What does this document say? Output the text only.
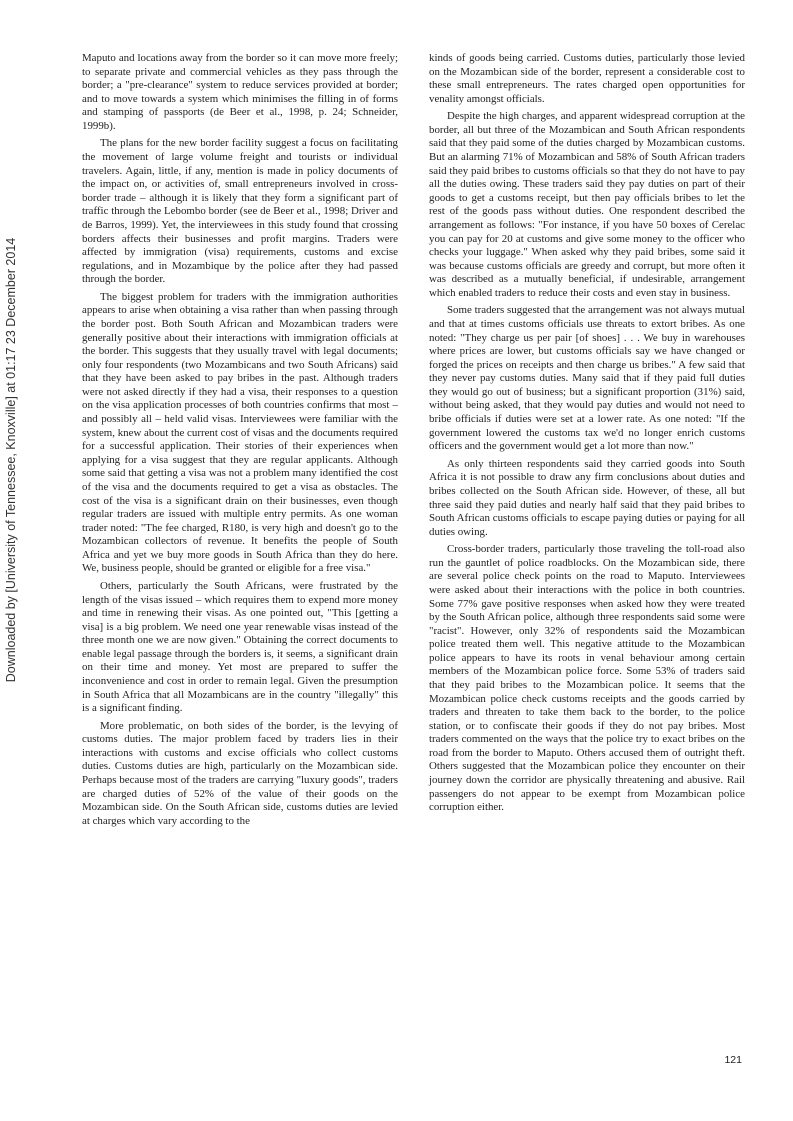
Downloaded by [University of Tennessee, Knoxville] at 01:17 23 December 2014

Maputo and locations away from the border so it can move more freely; to separate private and commercial vehicles as they pass through the border; a "pre-clearance" system to reduce services provided at border; and to move towards a system which minimises the filling in of forms and stamping of passports (de Beer et al., 1998, p. 24; Schneider, 1999b).

The plans for the new border facility suggest a focus on facilitating the movement of large volume freight and tourists or individual travelers. Again, little, if any, mention is made in policy documents of the impact on, or activities of, small entrepreneurs involved in cross-border trade – although it is likely that they form a significant part of traffic through the Lebombo border (see de Beer et al., 1998; Driver and de Barros, 1999). Yet, the interviewees in this study found that crossing borders affects their businesses and profit margins. Traders were affected by immigration (visa) requirements, customs and excise regulations, and in Mozambique by the police after they had passed through the border.

The biggest problem for traders with the immigration authorities appears to arise when obtaining a visa rather than when passing through the border post. Both South African and Mozambican traders were generally positive about their interactions with immigration officials at the border. This suggests that they usually travel with legal documents; only four respondents (two Mozambicans and two South Africans) said that they have been asked to pay bribes in the past. Although traders were not asked directly if they had a visa, their responses to a question on the visa application processes of both countries confirms that most – and possibly all – held valid visas. Interviewees were familiar with the system, knew about the current cost of visas and the documents required for a successful application. Their stories of their experiences when applying for a visa suggest that they are regular applicants. Although some said that getting a visa was not a problem many identified the cost of the visa and the documents required to get a visa as obstacles. The cost of the visa is a significant drain on their businesses, even though regular traders are issued with multiple entry permits. As one woman trader noted: "The fee charged, R180, is very high and doesn't go to the Mozambican collectors of revenue. It benefits the people of South Africa and yet we buy more goods in South Africa than they do here. We, business people, should be granted or eligible for a free visa."

Others, particularly the South Africans, were frustrated by the length of the visas issued – which requires them to expend more money and time in renewing their visas. As one pointed out, "This [getting a visa] is a big problem. We need one year renewable visas instead of the three month one we are now given." Obtaining the correct documents to enable legal passage through the borders is, it seems, a significant drain on their time and money. Yet most are prepared to suffer the inconvenience and cost in order to remain legal. Given the presumption in South Africa that all Mozambicans are in the country "illegally" this is a significant finding.

More problematic, on both sides of the border, is the levying of customs duties. The major problem faced by traders lies in their interactions with customs and excise officials who collect customs duties. Customs duties are high, particularly on the Mozambican side. Perhaps because most of the traders are carrying "luxury goods", traders are charged duties of 52% of the value of their goods on the Mozambican side. On the South African side, customs duties are levied at charges which vary according to the

kinds of goods being carried. Customs duties, particularly those levied on the Mozambican side of the border, represent a considerable cost to these small entrepreneurs. The rates charged open opportunities for venality amongst officials.

Despite the high charges, and apparent widespread corruption at the border, all but three of the Mozambican and South African respondents said that they paid some of the duties charged by Mozambican customs. But an alarming 71% of Mozambican and 58% of South African traders said they paid bribes to customs officials so that they do not have to pay all the duties owing. These traders said they pay duties on part of their goods to get a customs receipt, but then pay officials bribes to let the rest of the goods pass without duties. One respondent described the arrangement as follows: "For instance, if you have 50 boxes of Cerelac you can pay for 20 at customs and give some money to the officer who checks your luggage." When asked why they paid bribes, some said it was because customs officials are greedy and corrupt, but more often it was described as a mutually beneficial, if undesirable, arrangement which enabled traders to reduce their costs and even stay in business.

Some traders suggested that the arrangement was not always mutual and that at times customs officials use threats to extort bribes. As one noted: "They charge us per pair [of shoes] . . . We buy in warehouses where prices are lower, but customs officials say we have changed or forged the prices on receipts and then charge us bribes." A few said that they never pay customs duties. Many said that if they paid full duties they would go out of business; but a significant proportion (31%) said, without being asked, that they would pay duties and would not need to bribe officials if duties were set at a lower rate. As one noted: "If the government lowered the customs tax we'd no longer enrich customs officers and the government would get a lot more than now."

As only thirteen respondents said they carried goods into South Africa it is not possible to draw any firm conclusions about duties and bribes collected on the South African side. However, of these, all but three said they paid duties and nearly half said that they paid bribes to South African customs officials to escape paying duties or paying for all duties owing.

Cross-border traders, particularly those traveling the toll-road also run the gauntlet of police roadblocks. On the Mozambican side, there are several police check points on the road to Maputo. Interviewees were asked about their interactions with the police in both countries. Some 77% gave positive responses when asked how they were treated by the South African police, although three respondents said some were "racist". However, only 32% of respondents said the Mozambican police treated them well. This negative attitude to the Mozambican police appears to have its roots in venal behaviour among certain members of the Mozambican police force. Some 53% of traders said that they paid bribes to the Mozambican police. It seems that the Mozambican police check customs receipts and the goods carried by traders and threaten to take them back to the border, to the police station, or to confiscate their goods if they do not pay bribes. Most traders commented on the ways that the police try to exact bribes on the road from the border to Maputo. Others accused them of outright theft. Others suggested that the Mozambican police they encounter on their journey down the corridor are physically threatening and abusive. Rail passengers do not appear to be exempt from Mozambican police corruption either.

121
